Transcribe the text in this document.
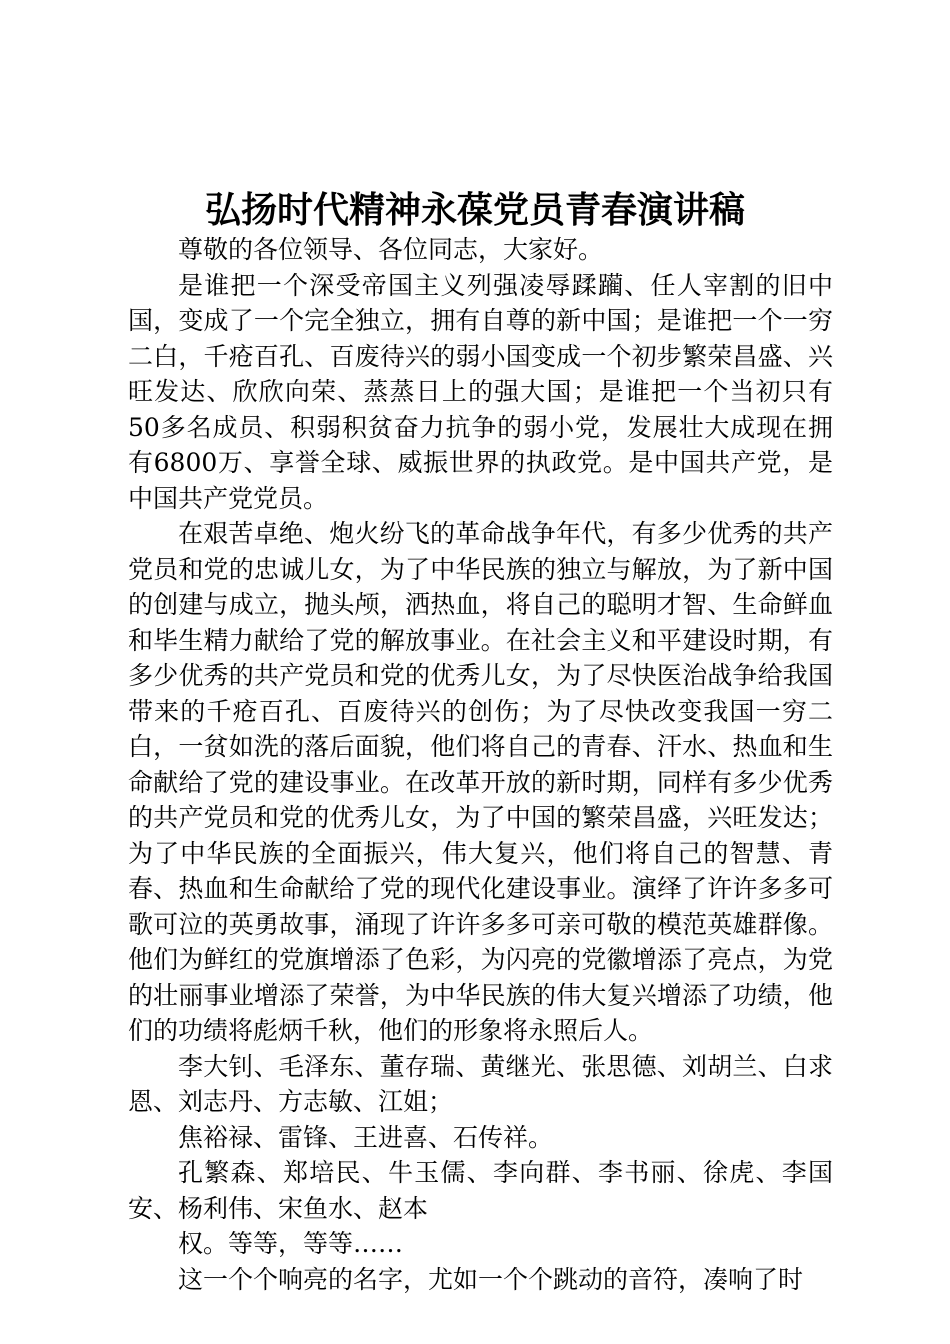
弘扬时代精神永葆党员青春演讲稿

尊敬的各位领导、各位同志，大家好。

是谁把一个深受帝国主义列强凌辱蹂躏、任人宰割的旧中国，变成了一个完全独立，拥有自尊的新中国；是谁把一个一穷二白，千疮百孔、百废待兴的弱小国变成一个初步繁荣昌盛、兴旺发达、欣欣向荣、蒸蒸日上的强大国；是谁把一个当初只有50多名成员、积弱积贫奋力抗争的弱小党，发展壮大成现在拥有6800万、享誉全球、威振世界的执政党。是中国共产党，是中国共产党党员。

在艰苦卓绝、炮火纷飞的革命战争年代，有多少优秀的共产党员和党的忠诚儿女，为了中华民族的独立与解放，为了新中国的创建与成立，抛头颅，洒热血，将自己的聪明才智、生命鲜血和毕生精力献给了党的解放事业。在社会主义和平建设时期，有多少优秀的共产党员和党的优秀儿女，为了尽快医治战争给我国带来的千疮百孔、百废待兴的创伤；为了尽快改变我国一穷二白，一贫如洗的落后面貌，他们将自己的青春、汗水、热血和生命献给了党的建设事业。在改革开放的新时期，同样有多少优秀的共产党员和党的优秀儿女，为了中国的繁荣昌盛，兴旺发达；为了中华民族的全面振兴，伟大复兴，他们将自己的智慧、青春、热血和生命献给了党的现代化建设事业。演绎了许许多多可歌可泣的英勇故事，涌现了许许多多可亲可敬的模范英雄群像。他们为鲜红的党旗增添了色彩，为闪亮的党徽增添了亮点，为党的壮丽事业增添了荣誉，为中华民族的伟大复兴增添了功绩，他们的功绩将彪炳千秋，他们的形象将永照后人。

李大钊、毛泽东、董存瑞、黄继光、张思德、刘胡兰、白求恩、刘志丹、方志敏、江姐；

焦裕禄、雷锋、王进喜、石传祥。

孔繁森、郑培民、牛玉儒、李向群、李书丽、徐虎、李国安、杨利伟、宋鱼水、赵本

权。等等，等等……

这一个个响亮的名字，尤如一个个跳动的音符，凑响了时
